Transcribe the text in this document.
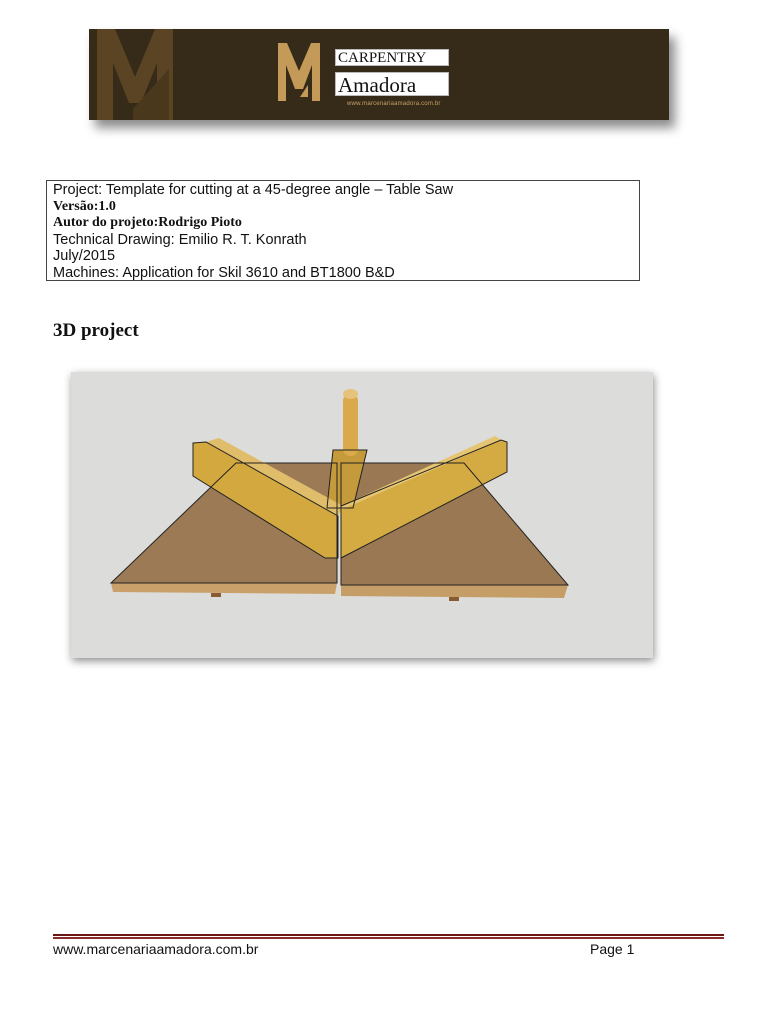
CARPENTRY
Amadora
www.marcenariaamadora.com.br
Project: Template for cutting at a 45-degree angle – Table Saw
Versão:1.0
Autor do projeto:Rodrigo Pioto
Technical Drawing: Emilio R. T. Konrath
July/2015
Machines: Application for Skil 3610 and BT1800 B&D
3D project
www.marcenariaamadora.com.br	Page 1
